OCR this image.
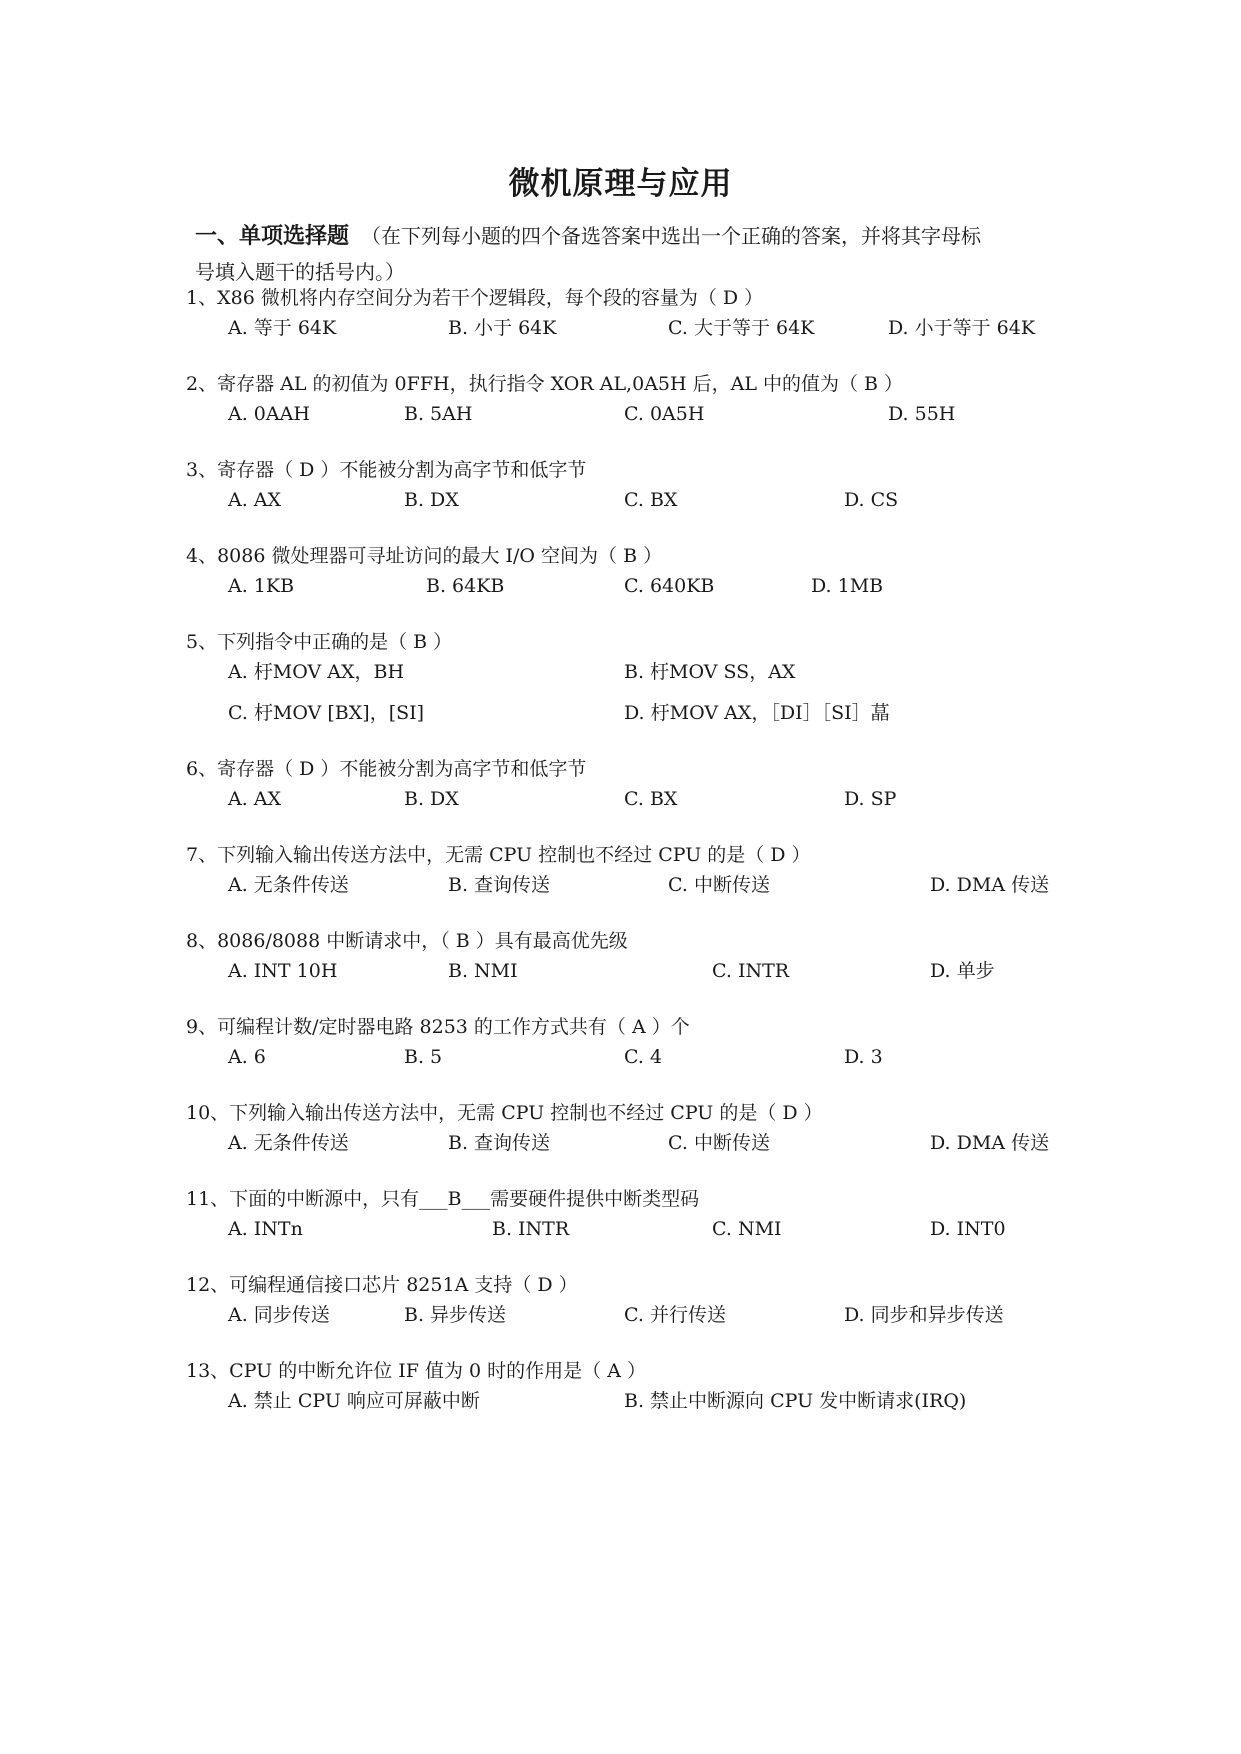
微机原理与应用
一、单项选择题 （在下列每小题的四个备选答案中选出一个正确的答案，并将其字母标
号填入题干的括号内。）
1、X86 微机将内存空间分为若干个逻辑段，每个段的容量为（ D ）
A. 等于 64K	B. 小于 64K	C. 大于等于 64K	D. 小于等于 64K
2、寄存器 AL 的初值为 0FFH，执行指令 XOR AL,0A5H 后，AL 中的值为（ B ）
A. 0AAH	B. 5AH	C. 0A5H	D. 55H
3、寄存器（ D ）不能被分割为高字节和低字节
A. AX	B. DX	C. BX	D. CS
4、8086 微处理器可寻址访问的最大 I/O 空间为（ B ）
A. 1KB	B. 64KB	C. 640KB	D. 1MB
5、下列指令中正确的是（ B ）
A. 杅MOV AX，BH	B. 杅MOV SS，AX
C. 杅MOV [BX]，[SI]	D. 杅MOV AX，［DI］［SI］蕌
6、寄存器（ D ）不能被分割为高字节和低字节
A. AX	B. DX	C. BX	D. SP
7、下列输入输出传送方法中，无需 CPU 控制也不经过 CPU 的是（ D ）
A. 无条件传送	B. 查询传送	C. 中断传送	D. DMA 传送
8、8086/8088 中断请求中，（ B ）具有最高优先级
A. INT 10H	B. NMI	C. INTR	D. 单步
9、可编程计数/定时器电路 8253 的工作方式共有（ A ）个
A. 6	B. 5	C. 4	D. 3
10、下列输入输出传送方法中，无需 CPU 控制也不经过 CPU 的是（ D ）
A. 无条件传送	B. 查询传送	C. 中断传送	D. DMA 传送
11、下面的中断源中，只有___B___需要硬件提供中断类型码
A. INTn	B. INTR	C. NMI	D. INT0
12、可编程通信接口芯片 8251A 支持（ D ）
A. 同步传送	B. 异步传送	C. 并行传送	D. 同步和异步传送
13、CPU 的中断允许位 IF 值为 0 时的作用是（ A ）
A. 禁止 CPU 响应可屏蔽中断	B. 禁止中断源向 CPU 发中断请求(IRQ)
